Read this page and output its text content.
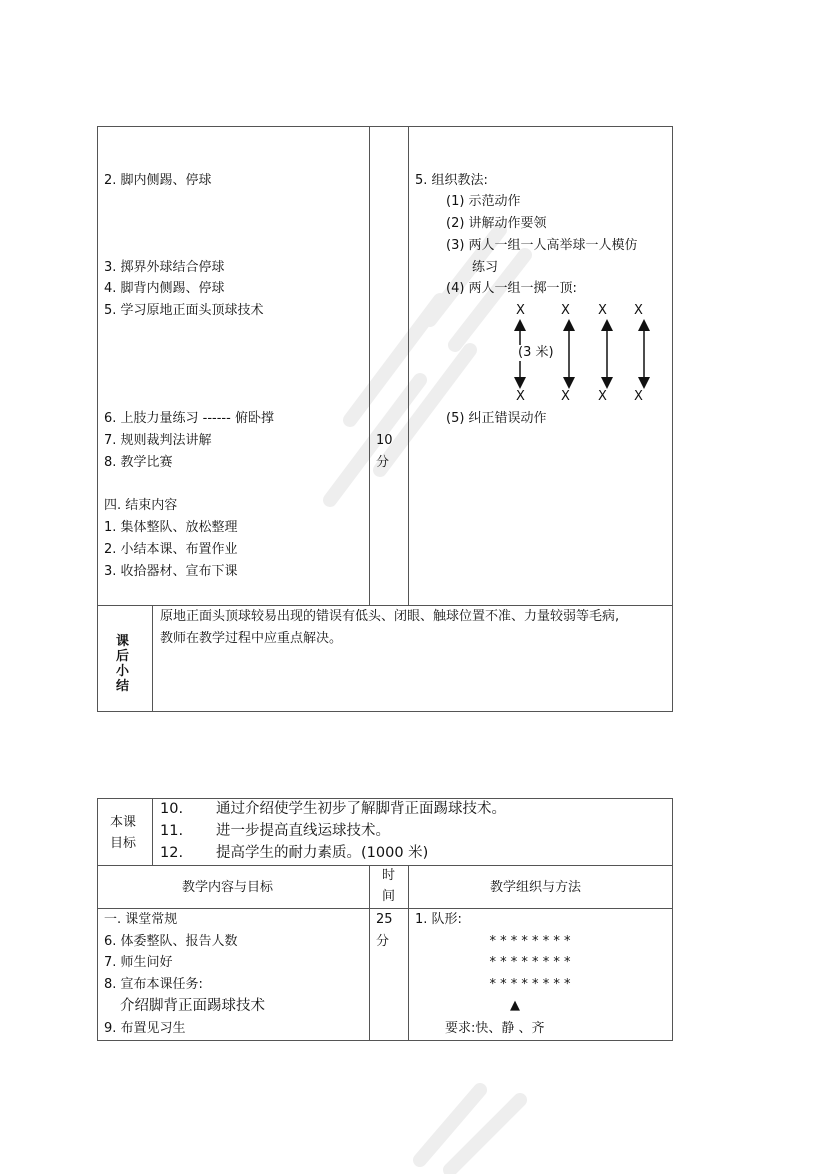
2. 脚内侧踢、停球
3. 掷界外球结合停球
4. 脚背内侧踢、停球
5. 学习原地正面头顶球技术
6. 上肢力量练习 ------ 俯卧撑
7. 规则裁判法讲解
8. 教学比赛
四. 结束内容
1. 集体整队、放松整理
2. 小结本课、布置作业
3. 收拾器材、宣布下课
10
分
5. 组织教法:
(1) 示范动作
(2) 讲解动作要领
(3) 两人一组一人高举球一人模仿
练习
(4) 两人一组一掷一顶:
(5) 纠正错误动作
X	X X X
X	X X X
(3 米)
课后小结
原地正面头顶球较易出现的错误有低头、闭眼、触球位置不准、力量较弱等毛病,
教师在教学过程中应重点解决。
本课
目标
10. 通过介绍使学生初步了解脚背正面踢球技术。
11. 进一步提高直线运球技术。
12. 提高学生的耐力素质。(1000 米)
教学内容与目标
时
间
教学组织与方法
一. 课堂常规
6. 体委整队、报告人数
7. 师生问好
8. 宣布本课任务:
介绍脚背正面踢球技术
9. 布置见习生
25
分
1. 队形:
* * * * * * * *
* * * * * * * *
* * * * * * * *
▲
要求:快、静 、齐
